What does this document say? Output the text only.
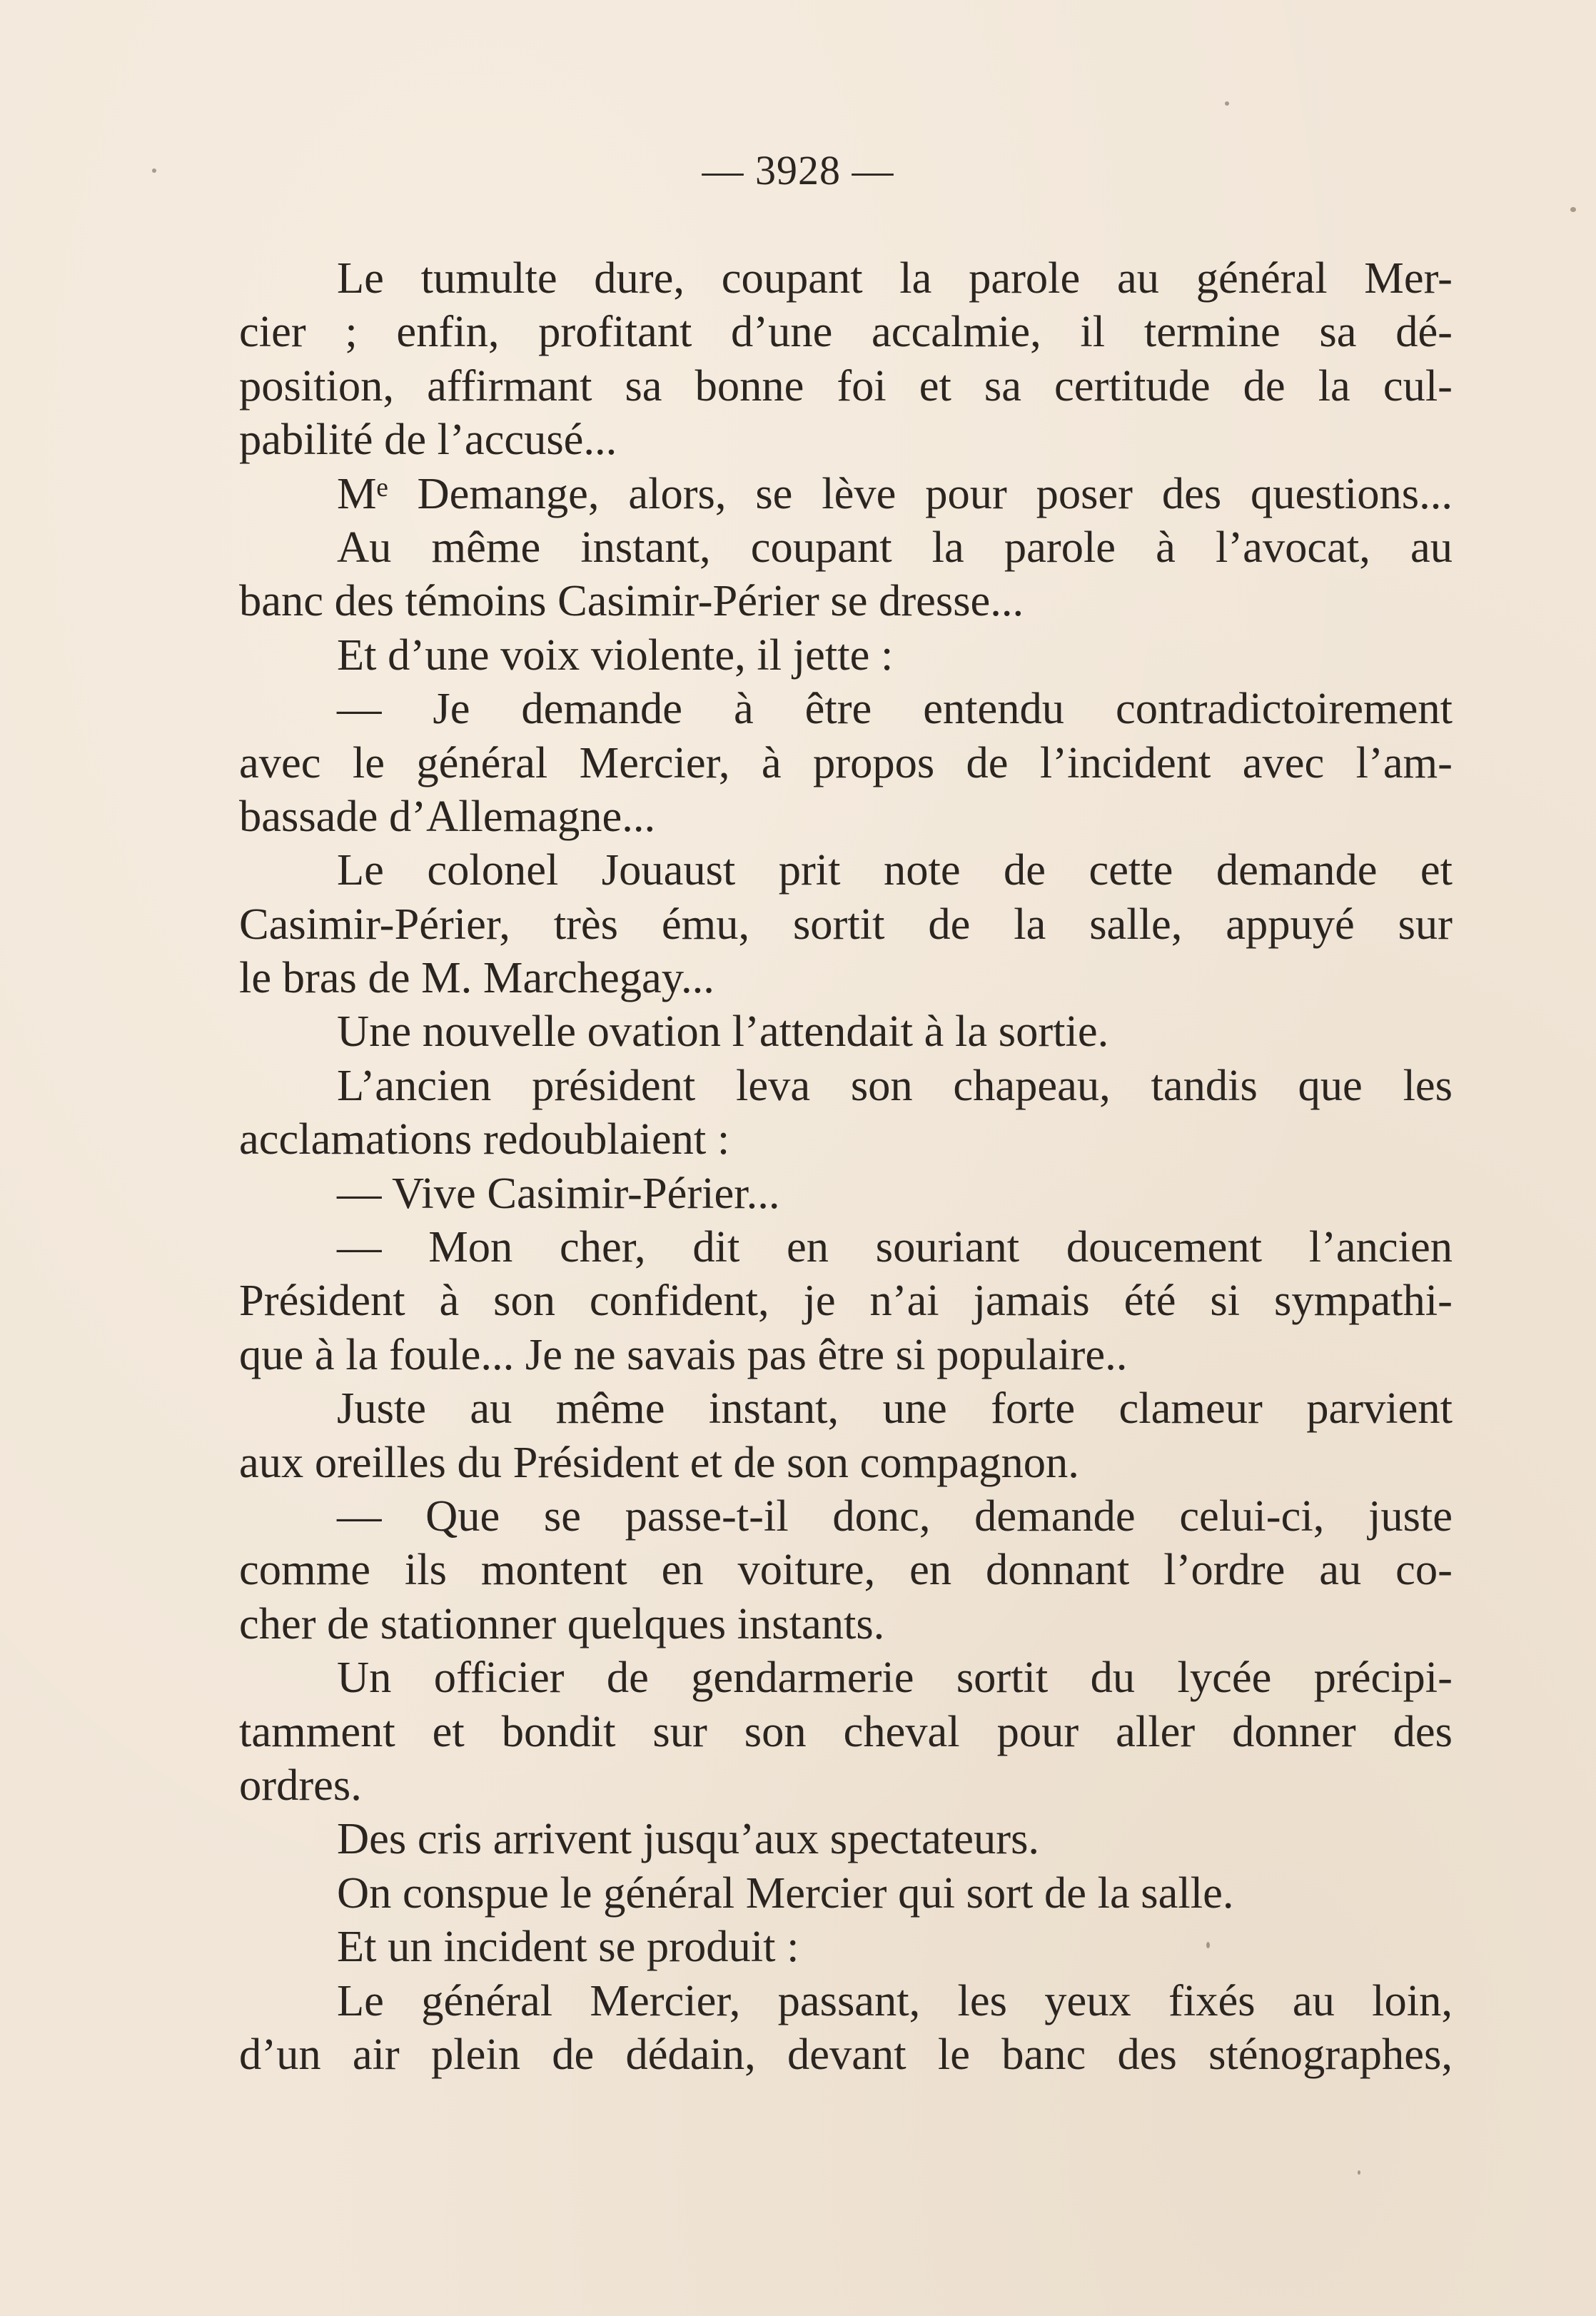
— 3928 —
Le tumulte dure, coupant la parole au général Mer-
cier ; enfin, profitant d’une accalmie, il termine sa dé-
position, affirmant sa bonne foi et sa certitude de la cul-
pabilité de l’accusé...
Mᵉ Demange, alors, se lève pour poser des questions...
Au même instant, coupant la parole à l’avocat, au
banc des témoins Casimir-Périer se dresse...
Et d’une voix violente, il jette :
— Je demande à être entendu contradictoirement
avec le général Mercier, à propos de l’incident avec l’am-
bassade d’Allemagne...
Le colonel Jouaust prit note de cette demande et
Casimir-Périer, très ému, sortit de la salle, appuyé sur
le bras de M. Marchegay...
Une nouvelle ovation l’attendait à la sortie.
L’ancien président leva son chapeau, tandis que les
acclamations redoublaient :
— Vive Casimir-Périer...
— Mon cher, dit en souriant doucement l’ancien
Président à son confident, je n’ai jamais été si sympathi-
que à la foule... Je ne savais pas être si populaire..
Juste au même instant, une forte clameur parvient
aux oreilles du Président et de son compagnon.
— Que se passe-t-il donc, demande celui-ci, juste
comme ils montent en voiture, en donnant l’ordre au co-
cher de stationner quelques instants.
Un officier de gendarmerie sortit du lycée précipi-
tamment et bondit sur son cheval pour aller donner des
ordres.
Des cris arrivent jusqu’aux spectateurs.
On conspue le général Mercier qui sort de la salle.
Et un incident se produit :
Le général Mercier, passant, les yeux fixés au loin,
d’un air plein de dédain, devant le banc des sténographes,
